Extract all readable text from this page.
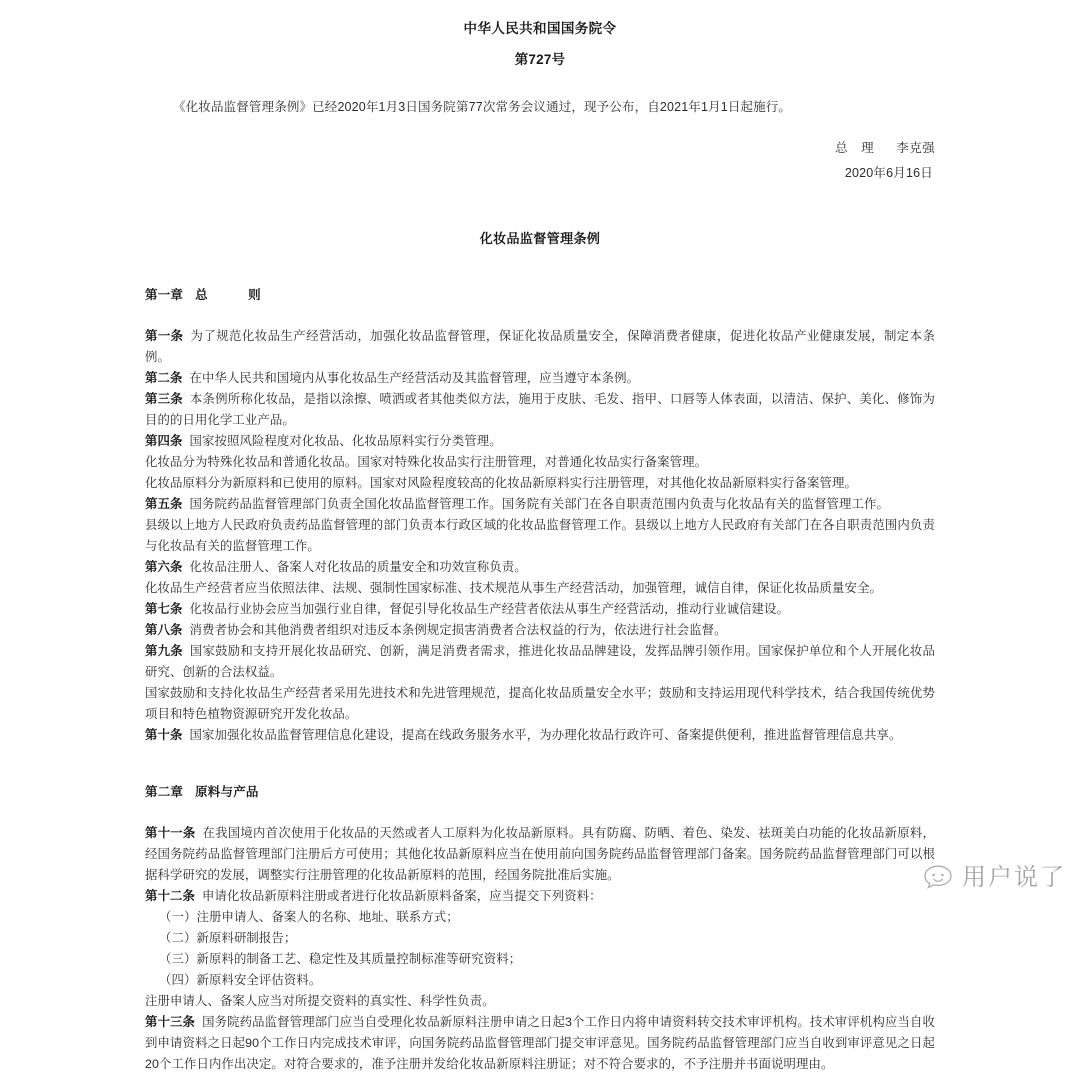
中华人民共和国国务院令
第727号

《化妆品监督管理条例》已经2020年1月3日国务院第77次常务会议通过，现予公布，自2021年1月1日起施行。

总 理 李克强
2020年6月16日
化妆品监督管理条例
第一章 总　则

第一条 为了规范化妆品生产经营活动，加强化妆品监督管理，保证化妆品质量安全，保障消费者健康，促进化妆品产业健康发展，制定本条例。

第二条 在中华人民共和国境内从事化妆品生产经营活动及其监督管理，应当遵守本条例。

第三条 本条例所称化妆品，是指以涂擦、喷洒或者其他类似方法，施用于皮肤、毛发、指甲、口唇等人体表面，以清洁、保护、美化、修饰为目的的日用化学工业产品。

第四条 国家按照风险程度对化妆品、化妆品原料实行分类管理。

化妆品分为特殊化妆品和普通化妆品。国家对特殊化妆品实行注册管理，对普通化妆品实行备案管理。

化妆品原料分为新原料和已使用的原料。国家对风险程度较高的化妆品新原料实行注册管理，对其他化妆品新原料实行备案管理。

第五条 国务院药品监督管理部门负责全国化妆品监督管理工作。国务院有关部门在各自职责范围内负责与化妆品有关的监督管理工作。

县级以上地方人民政府负责药品监督管理的部门负责本行政区域的化妆品监督管理工作。县级以上地方人民政府有关部门在各自职责范围内负责与化妆品有关的监督管理工作。

第六条 化妆品注册人、备案人对化妆品的质量安全和功效宣称负责。

化妆品生产经营者应当依照法律、法规、强制性国家标准、技术规范从事生产经营活动，加强管理，诚信自律，保证化妆品质量安全。

第七条 化妆品行业协会应当加强行业自律，督促引导化妆品生产经营者依法从事生产经营活动，推动行业诚信建设。

第八条 消费者协会和其他消费者组织对违反本条例规定损害消费者合法权益的行为，依法进行社会监督。

第九条 国家鼓励和支持开展化妆品研究、创新，满足消费者需求，推进化妆品品牌建设，发挥品牌引领作用。国家保护单位和个人开展化妆品研究、创新的合法权益。

国家鼓励和支持化妆品生产经营者采用先进技术和先进管理规范，提高化妆品质量安全水平；鼓励和支持运用现代科学技术，结合我国传统优势项目和特色植物资源研究开发化妆品。

第十条 国家加强化妆品监督管理信息化建设，提高在线政务服务水平，为办理化妆品行政许可、备案提供便利，推进监督管理信息共享。

第二章 原料与产品

第十一条 在我国境内首次使用于化妆品的天然或者人工原料为化妆品新原料。具有防腐、防晒、着色、染发、祛斑美白功能的化妆品新原料，经国务院药品监督管理部门注册后方可使用；其他化妆品新原料应当在使用前向国务院药品监督管理部门备案。国务院药品监督管理部门可以根据科学研究的发展，调整实行注册管理的化妆品新原料的范围，经国务院批准后实施。

第十二条 申请化妆品新原料注册或者进行化妆品新原料备案，应当提交下列资料：

（一）注册申请人、备案人的名称、地址、联系方式；

（二）新原料研制报告；

（三）新原料的制备工艺、稳定性及其质量控制标准等研究资料；

（四）新原料安全评估资料。

注册申请人、备案人应当对所提交资料的真实性、科学性负责。

第十三条 国务院药品监督管理部门应当自受理化妆品新原料注册申请之日起3个工作日内将申请资料转交技术审评机构。技术审评机构应当自收到申请资料之日起90个工作日内完成技术审评，向国务院药品监督管理部门提交审评意见。国务院药品监督管理部门应当自收到审评意见之日起20个工作日内作出决定。对符合要求的，准予注册并发给化妆品新原料注册证；对不符合要求的，不予注册并书面说明理由。

用户说了
